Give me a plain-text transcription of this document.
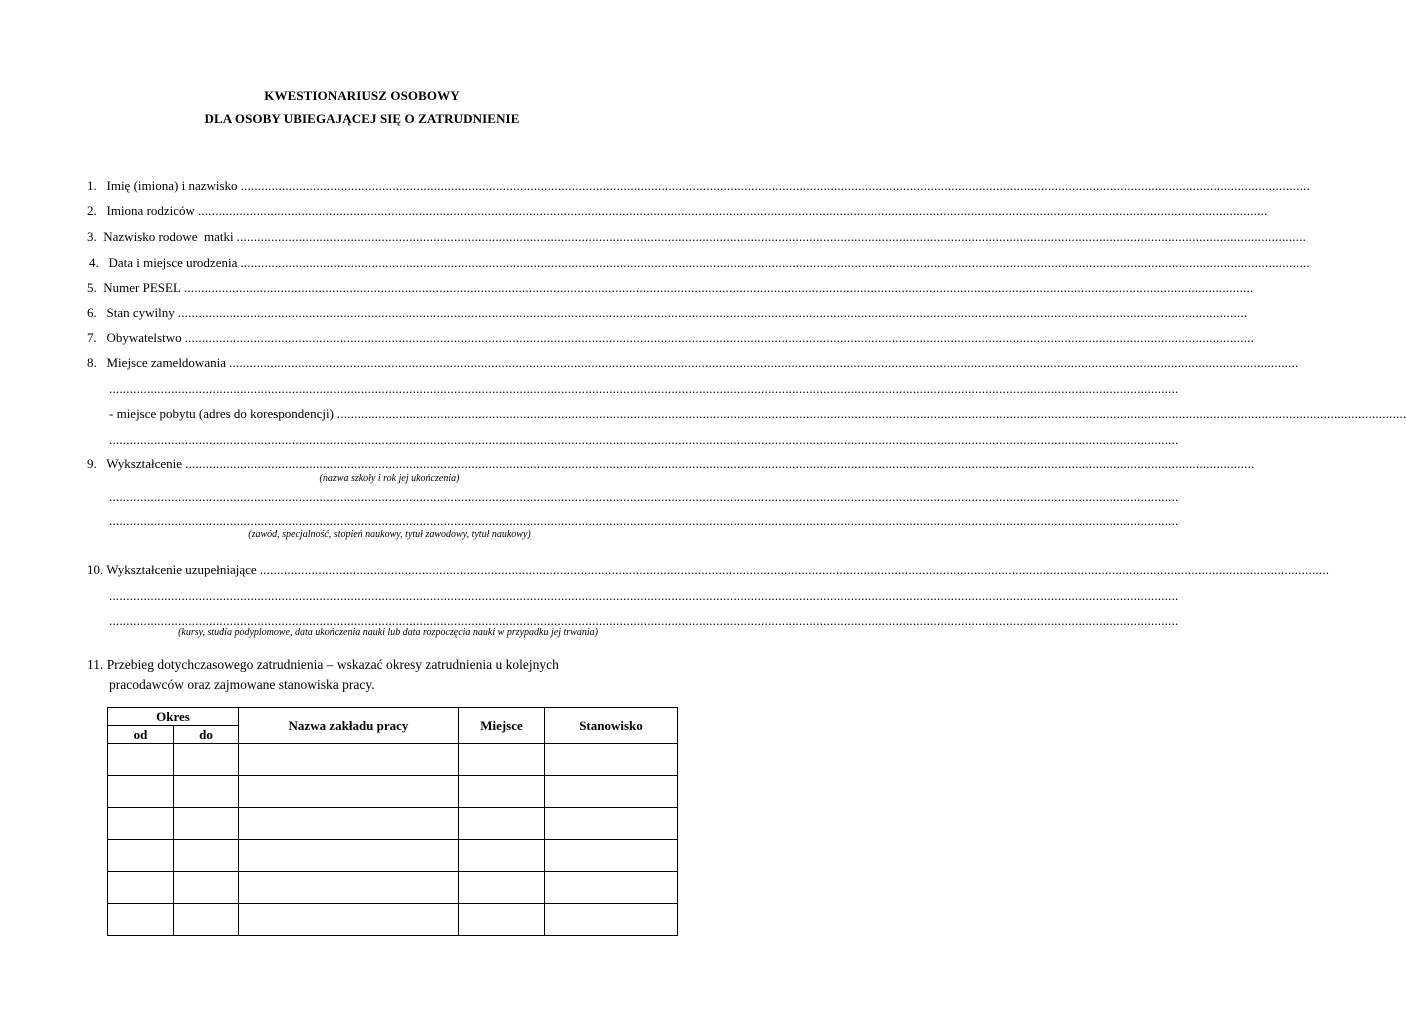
KWESTIONARIUSZ OSOBOWY
DLA OSOBY UBIEGAJĄCEJ SIĘ O ZATRUDNIENIE
1.   Imię (imiona) i nazwisko ......................................................................................................................................................................................................................................................................................................................
2.   Imiona rodziców ......................................................................................................................................................................................................................................................................................................................
3.  Nazwisko rodowe  matki ......................................................................................................................................................................................................................................................................................................................
4.   Data i miejsce urodzenia ......................................................................................................................................................................................................................................................................................................................
5.  Numer PESEL ......................................................................................................................................................................................................................................................................................................................
6.   Stan cywilny ......................................................................................................................................................................................................................................................................................................................
7.   Obywatelstwo ......................................................................................................................................................................................................................................................................................................................
8.   Miejsce zameldowania ......................................................................................................................................................................................................................................................................................................................
......................................................................................................................................................................................................................................................................................................................
- miejsce pobytu (adres do korespondencji) ......................................................................................................................................................................................................................................................................................................................
......................................................................................................................................................................................................................................................................................................................
9.   Wykształcenie ......................................................................................................................................................................................................................................................................................................................
(nazwa szkoły i rok jej ukończenia)
......................................................................................................................................................................................................................................................................................................................
......................................................................................................................................................................................................................................................................................................................
(zawód, specjalność, stopień naukowy, tytuł zawodowy, tytuł naukowy)
10. Wykształcenie uzupełniające ......................................................................................................................................................................................................................................................................................................................
......................................................................................................................................................................................................................................................................................................................
......................................................................................................................................................................................................................................................................................................................
(kursy, studia podyplomowe, data ukończenia nauki lub data rozpoczęcia nauki w przypadku jej trwania)
11. Przebieg dotychczasowego zatrudnienia – wskazać okresy zatrudnienia u kolejnych
pracodawców oraz zajmowane stanowiska pracy.
Okres		Nazwa zakładu pracy	Miejsce	Stanowisko
od	do			
